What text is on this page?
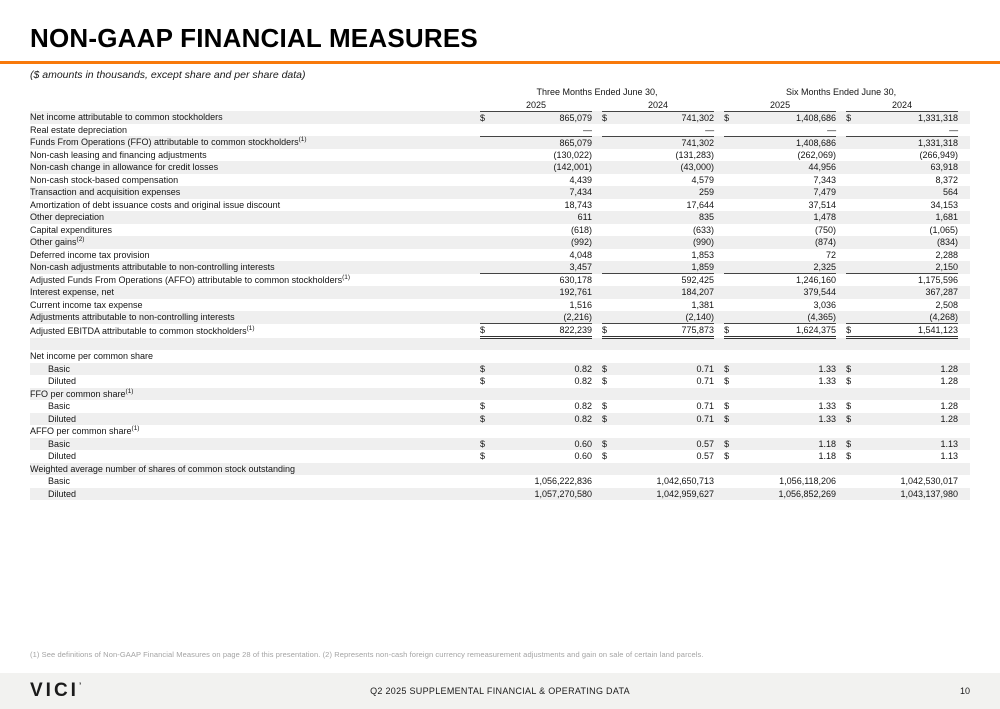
NON-GAAP FINANCIAL MEASURES
($ amounts in thousands, except share and per share data)
	Three Months Ended June 30,						Six Months Ended June 30,					
	2025			2024			2025			2024		
Net income attributable to common stockholders	$	865,079		$	741,302		$	1,408,686		$	1,331,318	
Real estate depreciation		—			—			—			—	
Funds From Operations (FFO) attributable to common stockholders$^{(1)}$		865,079			741,302			1,408,686			1,331,318	
Non-cash leasing and financing adjustments		(130,022)			(131,283)			(262,069)			(266,949)	
Non-cash change in allowance for credit losses		(142,001)			(43,000)			44,956			63,918	
Non-cash stock-based compensation		4,439			4,579			7,343			8,372	
Transaction and acquisition expenses		7,434			259			7,479			564	
Amortization of debt issuance costs and original issue discount		18,743			17,644			37,514			34,153	
Other depreciation		611			835			1,478			1,681	
Capital expenditures		(618)			(633)			(750)			(1,065)	
Other gains$^{(2)}$		(992)			(990)			(874)			(834)	
Deferred income tax provision		4,048			1,853			72			2,288	
Non-cash adjustments attributable to non-controlling interests		3,457			1,859			2,325			2,150	
Adjusted Funds From Operations (AFFO) attributable to common stockholders$^{(1)}$		630,178			592,425			1,246,160			1,175,596	
Interest expense, net		192,761			184,207			379,544			367,287	
Current income tax expense		1,516			1,381			3,036			2,508	
Adjustments attributable to non-controlling interests		(2,216)			(2,140)			(4,365)			(4,268)	
Adjusted EBITDA attributable to common stockholders$^{(1)}$	$	822,239		$	775,873		$	1,624,375		$	1,541,123	

Net income per common share												
Basic	$	0.82		$	0.71		$	1.33		$	1.28	
Diluted	$	0.82		$	0.71		$	1.33		$	1.28	
FFO per common share$^{(1)}$												
Basic	$	0.82		$	0.71		$	1.33		$	1.28	
Diluted	$	0.82		$	0.71		$	1.33		$	1.28	
AFFO per common share$^{(1)}$												
Basic	$	0.60		$	0.57		$	1.18		$	1.13	
Diluted	$	0.60		$	0.57		$	1.18		$	1.13	
Weighted average number of shares of common stock outstanding												
Basic		1,056,222,836			1,042,650,713			1,056,118,206			1,042,530,017	
Diluted		1,057,270,580			1,042,959,627			1,056,852,269			1,043,137,980	
(1) See definitions of Non-GAAP Financial Measures on page 28 of this presentation. (2) Represents non-cash foreign currency remeasurement adjustments and gain on sale of certain land parcels.
$VICI^ʼ$
Q2 2025 SUPPLEMENTAL FINANCIAL & OPERATING DATA	10
